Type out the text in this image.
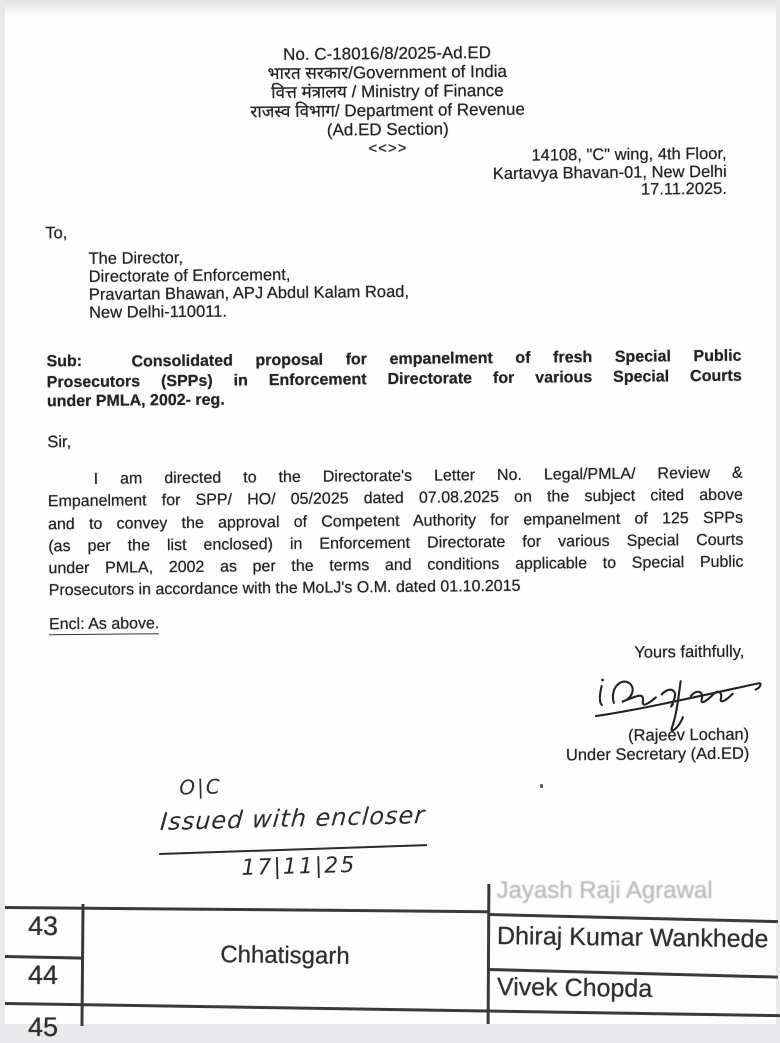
No. C-18016/8/2025-Ad.ED
भारत सरकार/Government of India
वित्त मंत्रालय / Ministry of Finance
राजस्व विभाग/ Department of Revenue
(Ad.ED Section)
<<>>	14108, "C" wing, 4th Floor,
Kartavya Bhavan-01, New Delhi
17.11.2025.
To,
The Director,
Directorate of Enforcement,
Pravartan Bhawan, APJ Abdul Kalam Road,
New Delhi-110011.
Sub:	Consolidated proposal for empanelment of fresh Special Public
Prosecutors (SPPs) in Enforcement Directorate for various Special Courts
under PMLA, 2002- reg.
Sir,
I am directed to the Directorate's Letter No. Legal/PMLA/ Review &
Empanelment for SPP/ HO/ 05/2025 dated 07.08.2025 on the subject cited above
and to convey the approval of Competent Authority for empanelment of 125 SPPs
(as per the list enclosed) in Enforcement Directorate for various Special Courts
under PMLA, 2002 as per the terms and conditions applicable to Special Public
Prosecutors in accordance with the MoLJ's O.M. dated 01.10.2015
Encl: As above.
Yours faithfully,
(Rajeev Lochan)
Under Secretary (Ad.ED)
O|C
Issued with encloser
17|11|25
Jayash Raji Agrawal
43
44
45
Chhatisgarh
Dhiraj Kumar Wankhede
Vivek Chopda
